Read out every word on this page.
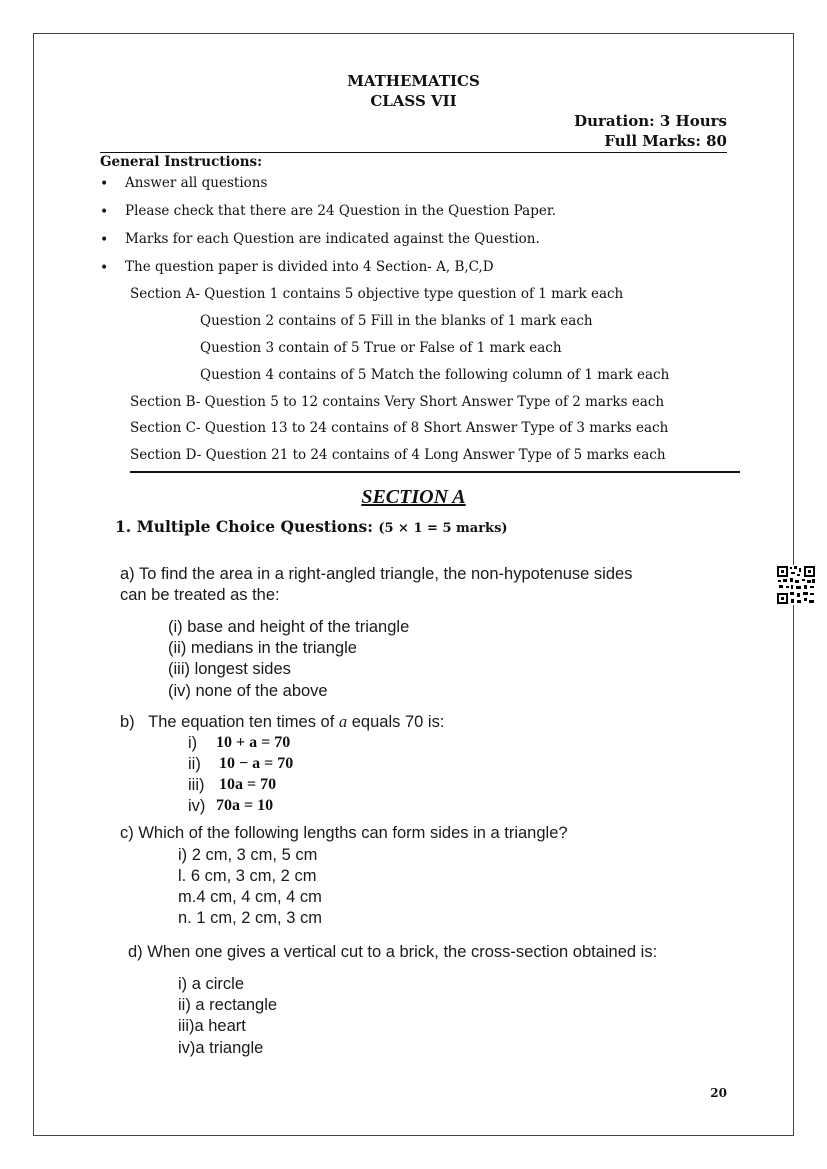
MATHEMATICS
CLASS VII
Duration: 3 Hours
Full Marks: 80
General Instructions:
• Answer all questions
• Please check that there are 24 Question in the Question Paper.
• Marks for each Question are indicated against the Question.
• The question paper is divided into 4 Section- A, B,C,D
Section A- Question 1 contains 5 objective type question of 1 mark each
Question 2 contains of 5 Fill in the blanks of 1 mark each
Question 3 contain of 5 True or False of 1 mark each
Question 4 contains of 5 Match the following column of 1 mark each
Section B- Question 5 to 12 contains Very Short Answer Type of 2 marks each
Section C- Question 13 to 24 contains of 8 Short Answer Type of 3 marks each
Section D- Question 21 to 24 contains of 4 Long Answer Type of 5 marks each
SECTION A
1. Multiple Choice Questions: (5 × 1 = 5 marks)
a) To find the area in a right-angled triangle, the non-hypotenuse sides
can be treated as the:
(i) base and height of the triangle
(ii) medians in the triangle
(iii) longest sides
(iv) none of the above
b)   The equation ten times of a equals 70 is:
i) 10 + a = 70
ii) 10 − a = 70
iii) 10a = 70
iv) 70a = 10
c) Which of the following lengths can form sides in a triangle?
i) 2 cm, 3 cm, 5 cm
l. 6 cm, 3 cm, 2 cm
m.4 cm, 4 cm, 4 cm
n. 1 cm, 2 cm, 3 cm
d) When one gives a vertical cut to a brick, the cross-section obtained is:
i) a circle
ii) a rectangle
iii)a heart
iv)a triangle
20
